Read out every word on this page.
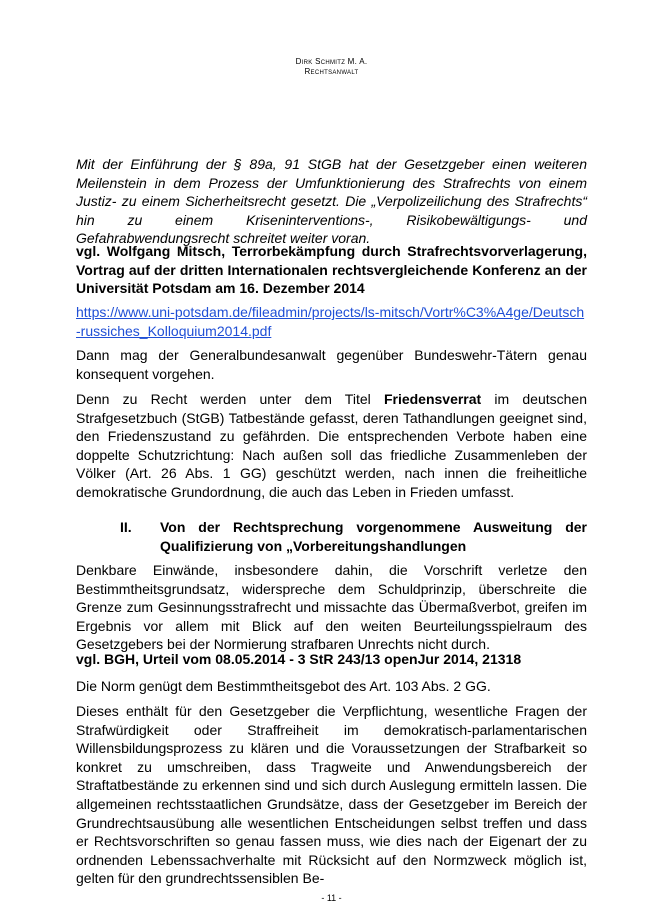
Dirk Schmitz M. A.
Rechtsanwalt

Mit der Einführung der § 89a, 91 StGB hat der Gesetzgeber einen weiteren Meilenstein in dem Prozess der Umfunktionierung des Strafrechts von einem Justiz- zu einem Sicherheitsrecht gesetzt. Die „Verpolizeilichung des Strafrechts“ hin zu einem Kriseninterventions-, Risikobewältigungs- und Gefahrabwendungsrecht schreitet weiter voran.

vgl. Wolfgang Mitsch, Terrorbekämpfung durch Strafrechtsvorverlagerung, Vortrag auf der dritten Internationalen rechtsvergleichende Konferenz an der Universität Potsdam am 16. Dezember 2014

https://www.uni-potsdam.de/fileadmin/projects/ls-mitsch/Vortr%C3%A4ge/Deutsch-russiches_Kolloquium2014.pdf

Dann mag der Generalbundesanwalt gegenüber Bundeswehr-Tätern genau konsequent vorgehen.

Denn zu Recht werden unter dem Titel Friedensverrat im deutschen Strafgesetzbuch (StGB) Tatbestände gefasst, deren Tathandlungen geeignet sind, den Friedenszustand zu gefährden. Die entsprechenden Verbote haben eine doppelte Schutzrichtung: Nach außen soll das friedliche Zusammenleben der Völker (Art. 26 Abs. 1 GG) geschützt werden, nach innen die freiheitliche demokratische Grundordnung, die auch das Leben in Frieden umfasst.

II. Von der Rechtsprechung vorgenommene Ausweitung der Qualifizierung von „Vorbereitungshandlungen

Denkbare Einwände, insbesondere dahin, die Vorschrift verletze den Bestimmtheitsgrundsatz, widerspreche dem Schuldprinzip, überschreite die Grenze zum Gesinnungsstrafrecht und missachte das Übermaßverbot, greifen im Ergebnis vor allem mit Blick auf den weiten Beurteilungsspielraum des Gesetzgebers bei der Normierung strafbaren Unrechts nicht durch.

vgl. BGH, Urteil vom 08.05.2014 - 3 StR 243/13 openJur 2014, 21318

Die Norm genügt dem Bestimmtheitsgebot des Art. 103 Abs. 2 GG.

Dieses enthält für den Gesetzgeber die Verpflichtung, wesentliche Fragen der Strafwürdigkeit oder Straffreiheit im demokratisch-parlamentarischen Willensbildungsprozess zu klären und die Voraussetzungen der Strafbarkeit so konkret zu umschreiben, dass Tragweite und Anwendungsbereich der Straftatbestände zu erkennen sind und sich durch Auslegung ermitteln lassen. Die allgemeinen rechtsstaatlichen Grundsätze, dass der Gesetzgeber im Bereich der Grundrechtsausübung alle wesentlichen Entscheidungen selbst treffen und dass er Rechtsvorschriften so genau fassen muss, wie dies nach der Eigenart der zu ordnenden Lebenssachverhalte mit Rücksicht auf den Normzweck möglich ist, gelten für den grundrechtssensiblen Be-

- 11 -
